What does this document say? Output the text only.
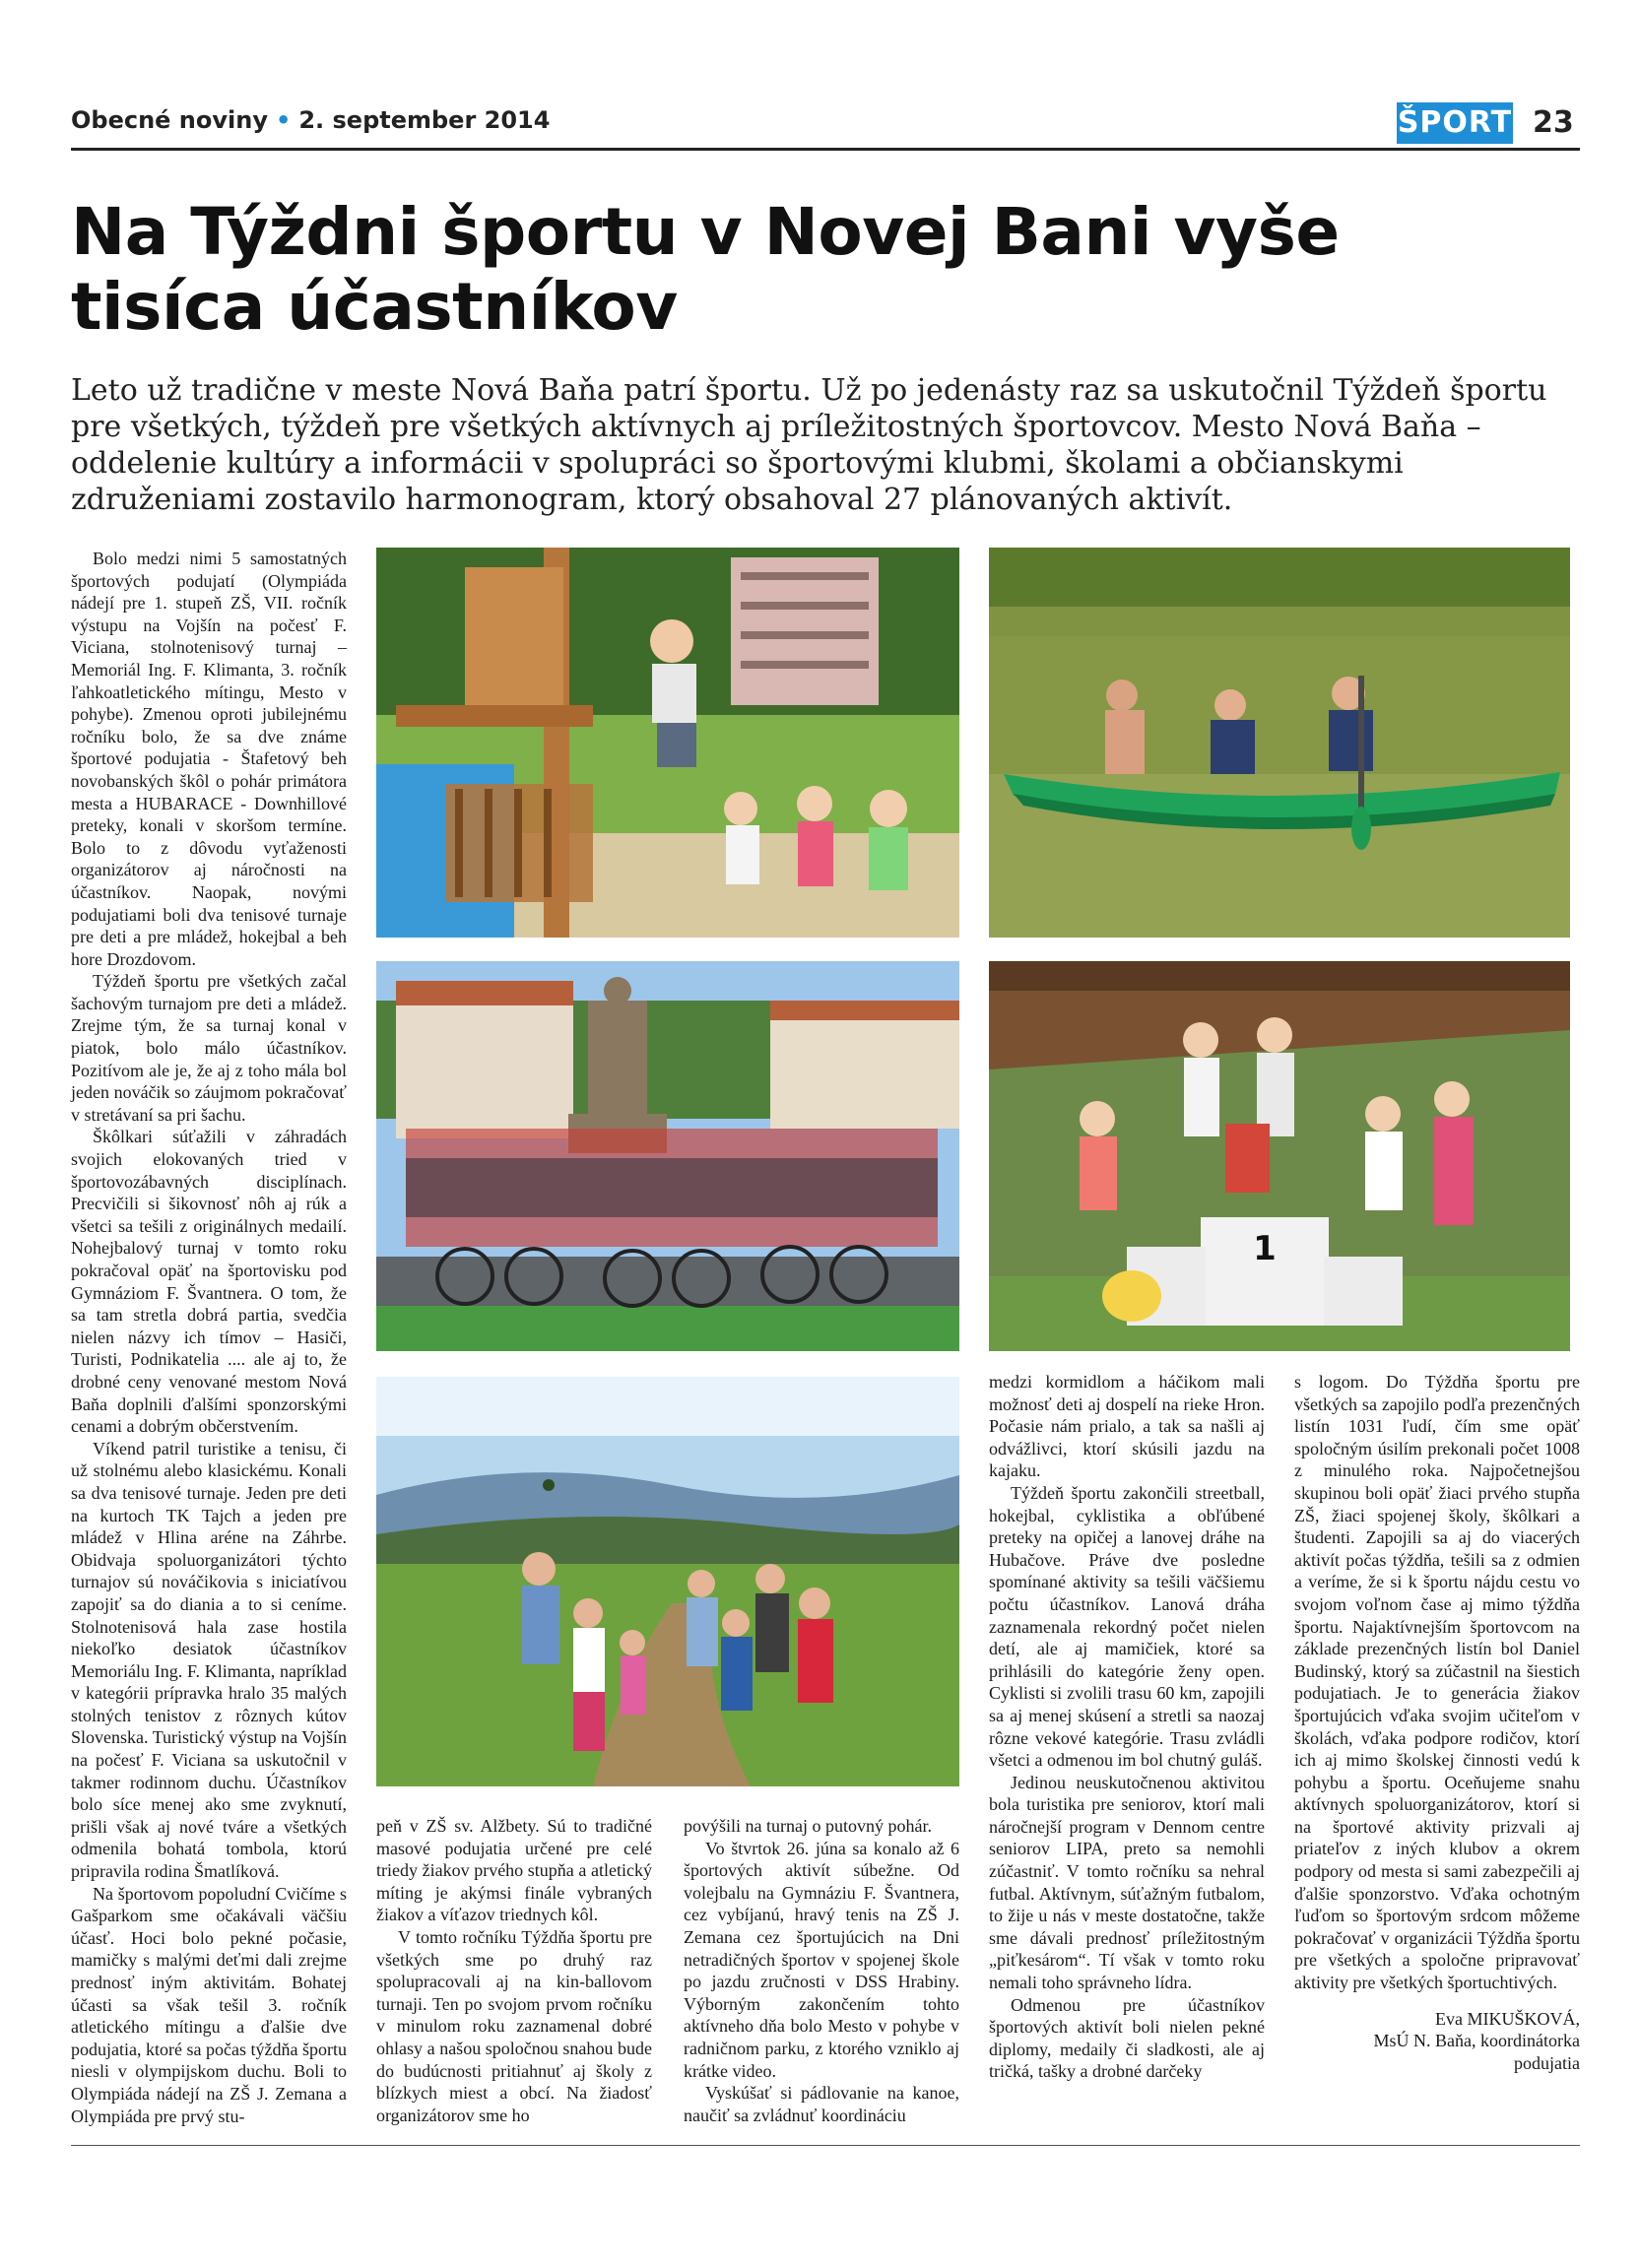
Obecné noviny • 2. september 2014	ŠPORT 23
Na Týždni športu v Novej Bani vyše tisíca účastníkov
Leto už tradične v meste Nová Baňa patrí športu. Už po jedenásty raz sa uskutočnil Týždeň športu pre všetkých, týždeň pre všetkých aktívnych aj príležitostných športovcov. Mesto Nová Baňa – oddelenie kultúry a informácii v spolupráci so športovými klubmi, školami a občianskymi združeniami zostavilo harmonogram, ktorý obsahoval 27 plánovaných aktivít.

Bolo medzi nimi 5 samostatných športových podujatí (Olympiáda nádejí pre 1. stupeň ZŠ, VII. ročník výstupu na Vojšín na počesť F. Viciana, stolnotenisový turnaj – Memoriál Ing. F. Klimanta, 3. ročník ľahkoatletického mítingu, Mesto v pohybe). Zmenou oproti jubilejnému ročníku bolo, že sa dve známe športové podujatia - Štafetový beh novobanských škôl o pohár primátora mesta a HUBARACE - Downhillové preteky, konali v skoršom termíne. Bolo to z dôvodu vyťaženosti organizátorov aj náročnosti na účastníkov. Naopak, novými podujatiami boli dva tenisové turnaje pre deti a pre mládež, hokejbal a beh hore Drozdovom.

Týždeň športu pre všetkých začal šachovým turnajom pre deti a mládež. Zrejme tým, že sa turnaj konal v piatok, bolo málo účastníkov. Pozitívom ale je, že aj z toho mála bol jeden nováčik so záujmom pokračovať v stretávaní sa pri šachu.

Škôlkari súťažili v záhradách svojich elokovaných tried v športovozábavných disciplínach. Precvičili si šikovnosť nôh aj rúk a všetci sa tešili z originálnych medailí. Nohejbalový turnaj v tomto roku pokračoval opäť na športovisku pod Gymnáziom F. Švantnera. O tom, že sa tam stretla dobrá partia, svedčia nielen názvy ich tímov – Hasiči, Turisti, Podnikatelia .... ale aj to, že drobné ceny venované mestom Nová Baňa doplnili ďalšími sponzorskými cenami a dobrým občerstvením.

Víkend patril turistike a tenisu, či už stolnému alebo klasickému. Konali sa dva tenisové turnaje. Jeden pre deti na kurtoch TK Tajch a jeden pre mládež v Hlina aréne na Záhrbe. Obidvaja spoluorganizátori týchto turnajov sú nováčikovia s iniciatívou zapojiť sa do diania a to si ceníme. Stolnotenisová hala zase hostila niekoľko desiatok účastníkov Memoriálu Ing. F. Klimanta, napríklad v kategórii prípravka hralo 35 malých stolných tenistov z rôznych kútov Slovenska. Turistický výstup na Vojšín na počesť F. Viciana sa uskutočnil v takmer rodinnom duchu. Účastníkov bolo síce menej ako sme zvyknutí, prišli však aj nové tváre a všetkých odmenila bohatá tombola, ktorú pripravila rodina Šmatlíková.

Na športovom popoludní Cvičíme s Gašparkom sme očakávali väčšiu účasť. Hoci bolo pekné počasie, mamičky s malými deťmi dali zrejme prednosť iným aktivitám. Bohatej účasti sa však tešil 3. ročník atletického mítingu a ďalšie dve podujatia, ktoré sa počas týždňa športu niesli v olympijskom duchu. Boli to Olympiáda nádejí na ZŠ J. Zemana a Olympiáda pre prvý stu-

1

peň v ZŠ sv. Alžbety. Sú to tradičné masové podujatia určené pre celé triedy žiakov prvého stupňa a atletický míting je akýmsi finále vybraných žiakov a víťazov triednych kôl.

V tomto ročníku Týždňa športu pre všetkých sme po druhý raz spolupracovali aj na kin-ballovom turnaji. Ten po svojom prvom ročníku v minulom roku zaznamenal dobré ohlasy a našou spoločnou snahou bude do budúcnosti pritiahnuť aj školy z blízkych miest a obcí. Na žiadosť organizátorov sme ho

povýšili na turnaj o putovný pohár.

Vo štvrtok 26. júna sa konalo až 6 športových aktivít súbežne. Od volejbalu na Gymnáziu F. Švantnera, cez vybíjanú, hravý tenis na ZŠ J. Zemana cez športujúcich na Dni netradičných športov v spojenej škole po jazdu zručnosti v DSS Hrabiny. Výborným zakončením tohto aktívneho dňa bolo Mesto v pohybe v radničnom parku, z ktorého vzniklo aj krátke video.

Vyskúšať si pádlovanie na kanoe, naučiť sa zvládnuť koordináciu

medzi kormidlom a háčikom mali možnosť deti aj dospelí na rieke Hron. Počasie nám prialo, a tak sa našli aj odvážlivci, ktorí skúsili jazdu na kajaku.

Týždeň športu zakončili streetball, hokejbal, cyklistika a obľúbené preteky na opičej a lanovej dráhe na Hubačove. Práve dve posledne spomínané aktivity sa tešili väčšiemu počtu účastníkov. Lanová dráha zaznamenala rekordný počet nielen detí, ale aj mamičiek, ktoré sa prihlásili do kategórie ženy open. Cyklisti si zvolili trasu 60 km, zapojili sa aj menej skúsení a stretli sa naozaj rôzne vekové kategórie. Trasu zvládli všetci a odmenou im bol chutný guláš.

Jedinou neuskutočnenou aktivitou bola turistika pre seniorov, ktorí mali náročnejší program v Dennom centre seniorov LIPA, preto sa nemohli zúčastniť. V tomto ročníku sa nehral futbal. Aktívnym, súťažným futbalom, to žije u nás v meste dostatočne, takže sme dávali prednosť príležitostným „piťkesárom“. Tí však v tomto roku nemali toho správneho lídra.

Odmenou pre účastníkov športových aktivít boli nielen pekné diplomy, medaily či sladkosti, ale aj tričká, tašky a drobné darčeky

s logom. Do Týždňa športu pre všetkých sa zapojilo podľa prezenčných listín 1031 ľudí, čím sme opäť spoločným úsilím prekonali počet 1008 z minulého roka. Najpočetnejšou skupinou boli opäť žiaci prvého stupňa ZŠ, žiaci spojenej školy, škôlkari a študenti. Zapojili sa aj do viacerých aktivít počas týždňa, tešili sa z odmien a veríme, že si k športu nájdu cestu vo svojom voľnom čase aj mimo týždňa športu. Najaktívnejším športovcom na základe prezenčných listín bol Daniel Budinský, ktorý sa zúčastnil na šiestich podujatiach. Je to generácia žiakov športujúcich vďaka svojim učiteľom v školách, vďaka podpore rodičov, ktorí ich aj mimo školskej činnosti vedú k pohybu a športu. Oceňujeme snahu aktívnych spoluorganizátorov, ktorí si na športové aktivity prizvali aj priateľov z iných klubov a okrem podpory od mesta si sami zabezpečili aj ďalšie sponzorstvo. Vďaka ochotným ľuďom so športovým srdcom môžeme pokračovať v organizácii Týždňa športu pre všetkých a spoločne pripravovať aktivity pre všetkých športuchtivých.

Eva MIKUŠKOVÁ,

MsÚ N. Baňa, koordinátorka

podujatia
